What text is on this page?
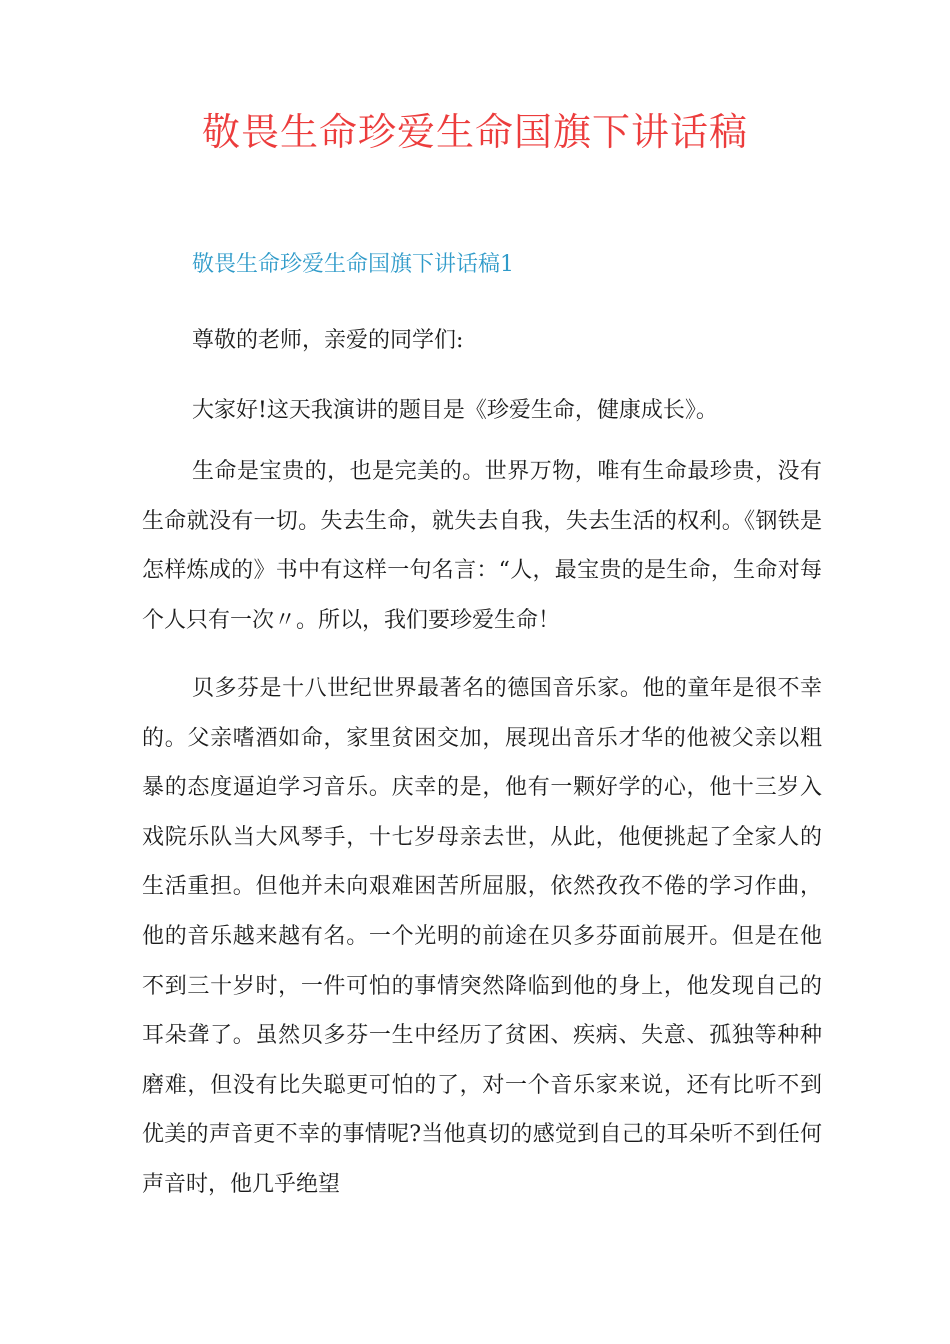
敬畏生命珍爱生命国旗下讲话稿
敬畏生命珍爱生命国旗下讲话稿1

尊敬的老师，亲爱的同学们:

大家好!这天我演讲的题目是《珍爱生命，健康成长》。

生命是宝贵的，也是完美的。世界万物，唯有生命最珍贵，没有生命就没有一切。失去生命，就失去自我，失去生活的权利。《钢铁是怎样炼成的》书中有这样一句名言：“人，最宝贵的是生命，生命对每个人只有一次〃。所以，我们要珍爱生命！

贝多芬是十八世纪世界最著名的德国音乐家。他的童年是很不幸的。父亲嗜酒如命，家里贫困交加，展现出音乐才华的他被父亲以粗暴的态度逼迫学习音乐。庆幸的是，他有一颗好学的心，他十三岁入戏院乐队当大风琴手，十七岁母亲去世，从此，他便挑起了全家人的生活重担。但他并未向艰难困苦所屈服，依然孜孜不倦的学习作曲，他的音乐越来越有名。一个光明的前途在贝多芬面前展开。但是在他不到三十岁时，一件可怕的事情突然降临到他的身上，他发现自己的耳朵聋了。虽然贝多芬一生中经历了贫困、疾病、失意、孤独等种种磨难，但没有比失聪更可怕的了，对一个音乐家来说，还有比听不到优美的声音更不幸的事情呢?当他真切的感觉到自己的耳朵听不到任何声音时，他几乎绝望
